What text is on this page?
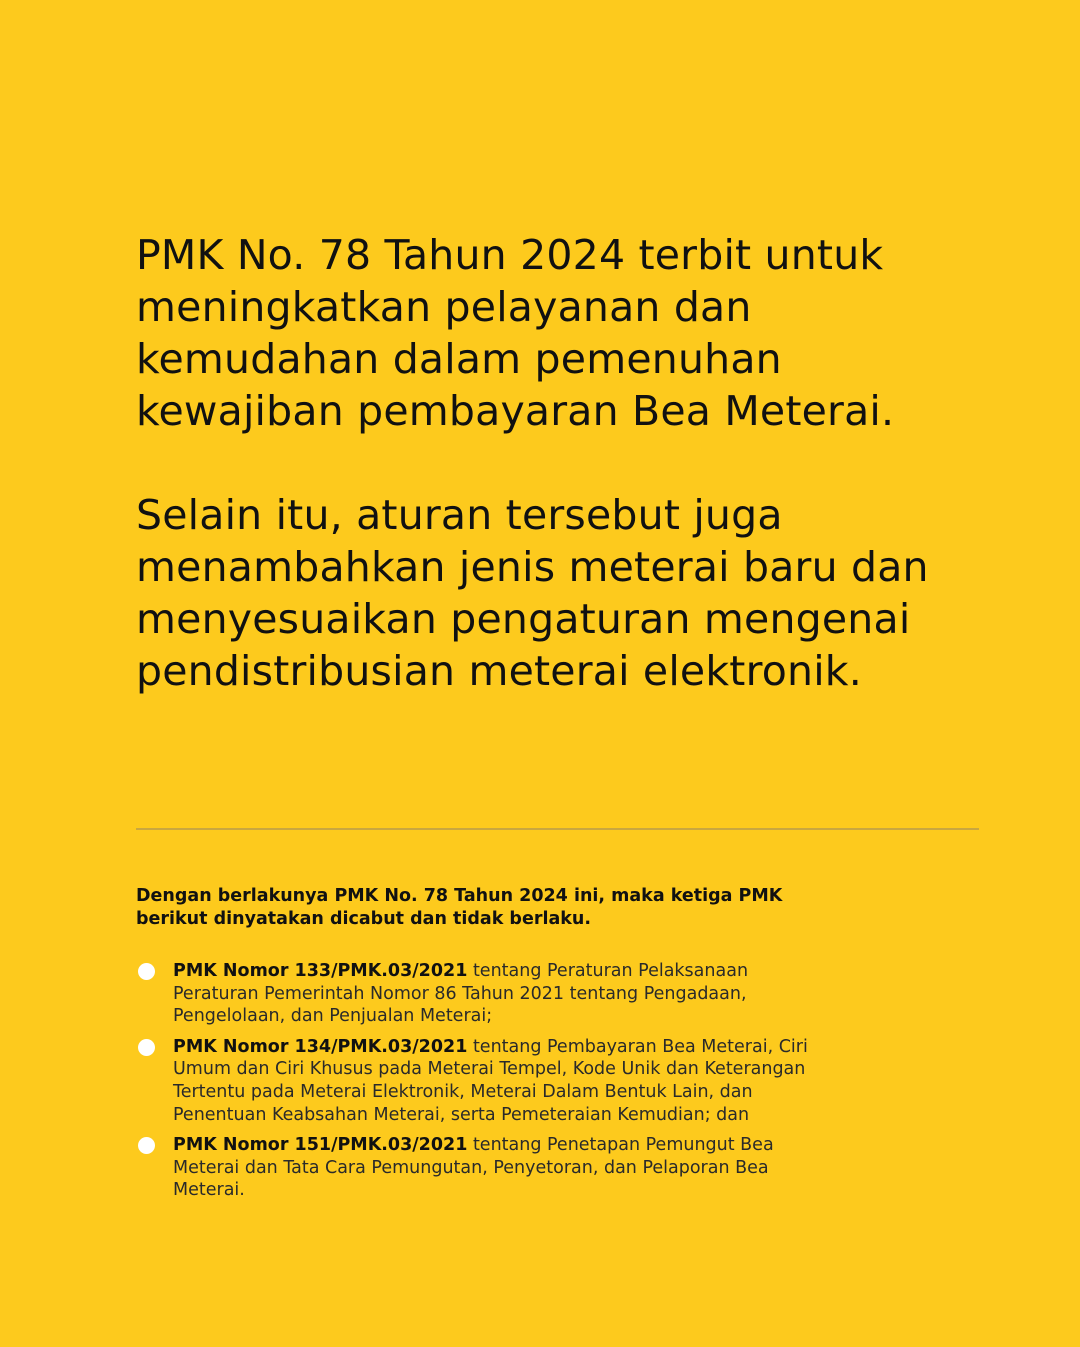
PMK No. 78 Tahun 2024 terbit untuk meningkatkan pelayanan dan kemudahan dalam pemenuhan kewajiban pembayaran Bea Meterai.

Selain itu, aturan tersebut juga menambahkan jenis meterai baru dan menyesuaikan pengaturan mengenai pendistribusian meterai elektronik.

Dengan berlakunya PMK No. 78 Tahun 2024 ini, maka ketiga PMK berikut dinyatakan dicabut dan tidak berlaku.

PMK Nomor 133/PMK.03/2021 tentang Peraturan Pelaksanaan Peraturan Pemerintah Nomor 86 Tahun 2021 tentang Pengadaan, Pengelolaan, dan Penjualan Meterai;
PMK Nomor 134/PMK.03/2021 tentang Pembayaran Bea Meterai, Ciri Umum dan Ciri Khusus pada Meterai Tempel, Kode Unik dan Keterangan Tertentu pada Meterai Elektronik, Meterai Dalam Bentuk Lain, dan Penentuan Keabsahan Meterai, serta Pemeteraian Kemudian; dan
PMK Nomor 151/PMK.03/2021 tentang Penetapan Pemungut Bea Meterai dan Tata Cara Pemungutan, Penyetoran, dan Pelaporan Bea Meterai.
